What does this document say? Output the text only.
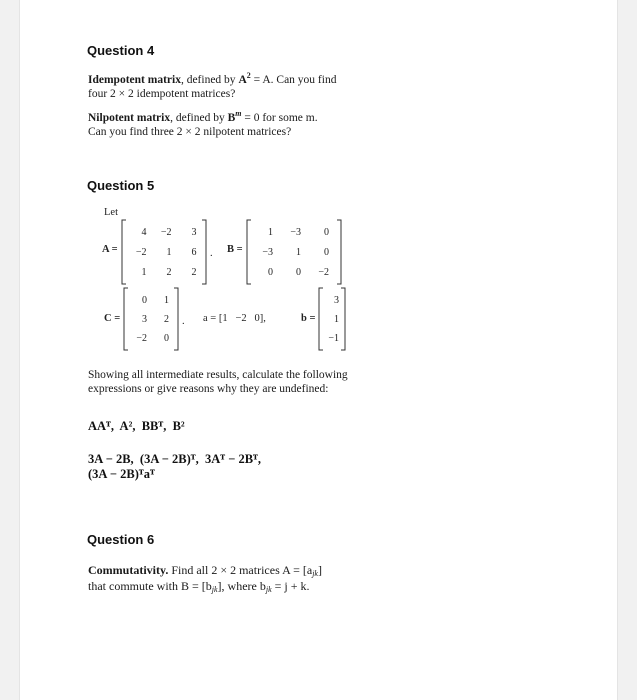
Question 4
Idempotent matrix, defined by $A^2 = A$. Can you find
four 2 × 2 idempotent matrices?
Nilpotent matrix, defined by $B^m = 0$ for some m.
Can you find three 2 × 2 nilpotent matrices?
Question 5
Let
A =
4	−2	3
−2	1	6
1	2	2
. B =
1	−3	0
−3	1	0
0	0	−2
C =
0	1
3	2
−2	0
. a = [1   −2   0],	b =
3
1
−1
Showing all intermediate results, calculate the following
expressions or give reasons why they are undefined:
AAᵀ,  A²,  BBᵀ,  B²
3A − 2B,  (3A − 2B)ᵀ,  3Aᵀ − 2Bᵀ,
(3A − 2B)ᵀaᵀ
Question 6
Commutativity. Find all 2 × 2 matrices $A = [a_{jk}]$
that commute with $B = [b_{jk}]$, where $b_{jk} = j + k$.
